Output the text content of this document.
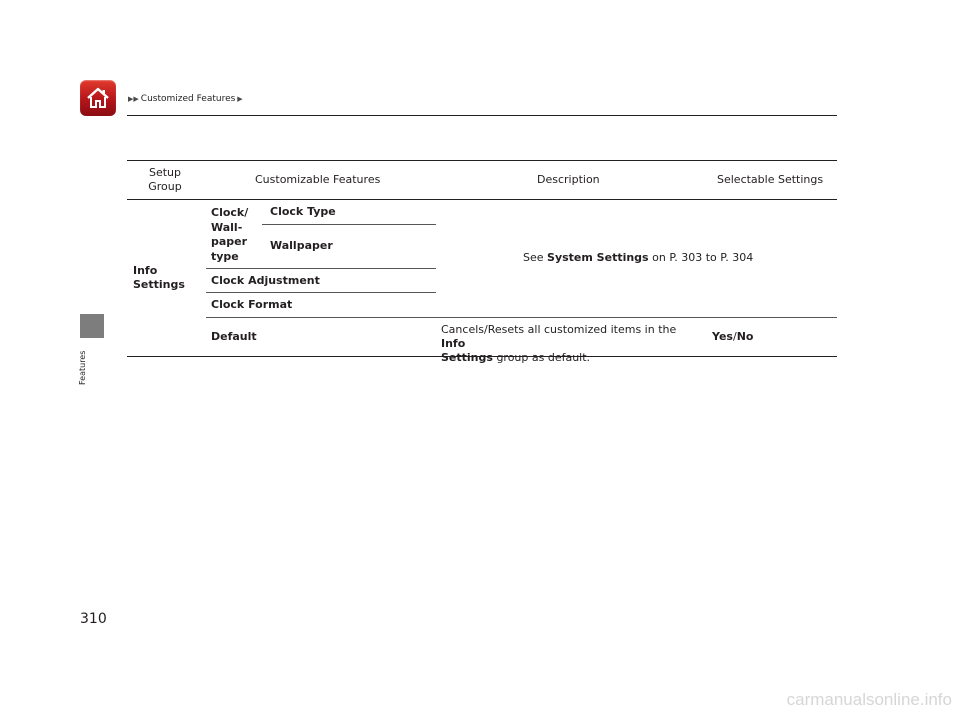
▶▶ Customized Features ▶
Features
310
Setup
Group
Customizable Features	Description	Selectable Settings
Info
Settings
Clock/
Wall-
paper
type
Clock Type
Wallpaper
Clock Adjustment
Clock Format
See System Settings on P. 303 to P. 304
Default
Cancels/Resets all customized items in the Info
Settings group as default.
Yes/No
carmanualsonline.info
